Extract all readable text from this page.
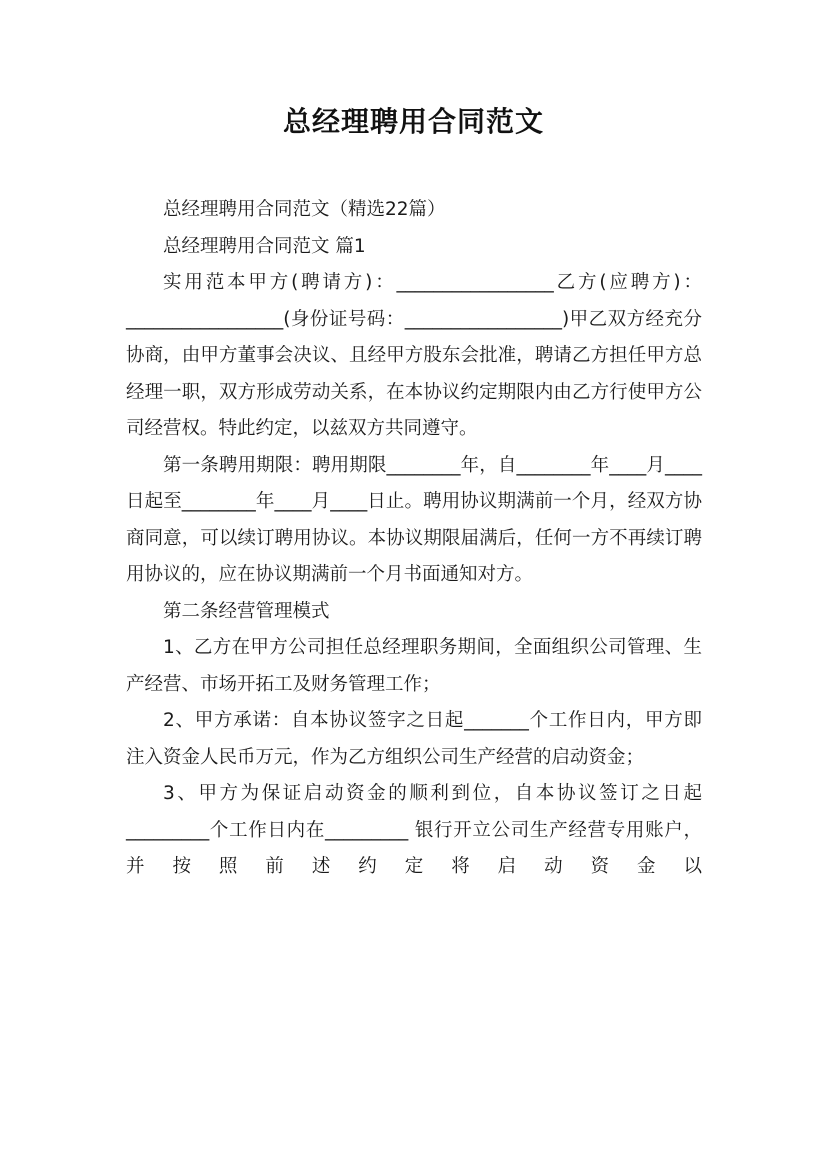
总经理聘用合同范文

总经理聘用合同范文（精选22篇）

总经理聘用合同范文 篇1

实用范本甲方(聘请方)：_________________乙方(应聘方)：_________________(身份证号码：_________________)甲乙双方经充分协商，由甲方董事会决议、且经甲方股东会批准，聘请乙方担任甲方总经理一职，双方形成劳动关系，在本协议约定期限内由乙方行使甲方公司经营权。特此约定，以兹双方共同遵守。

第一条聘用期限：聘用期限________年，自________年____月____日起至________年____月____日止。聘用协议期满前一个月，经双方协商同意，可以续订聘用协议。本协议期限届满后，任何一方不再续订聘用协议的，应在协议期满前一个月书面通知对方。

第二条经营管理模式

1、乙方在甲方公司担任总经理职务期间，全面组织公司管理、生产经营、市场开拓工及财务管理工作；

2、甲方承诺：自本协议签字之日起_______个工作日内，甲方即注入资金人民币万元，作为乙方组织公司生产经营的启动资金；

3、甲方为保证启动资金的顺利到位，自本协议签订之日起_________个工作日内在_________ 银行开立公司生产经营专用账户，并按照前述约定将启动资金以
